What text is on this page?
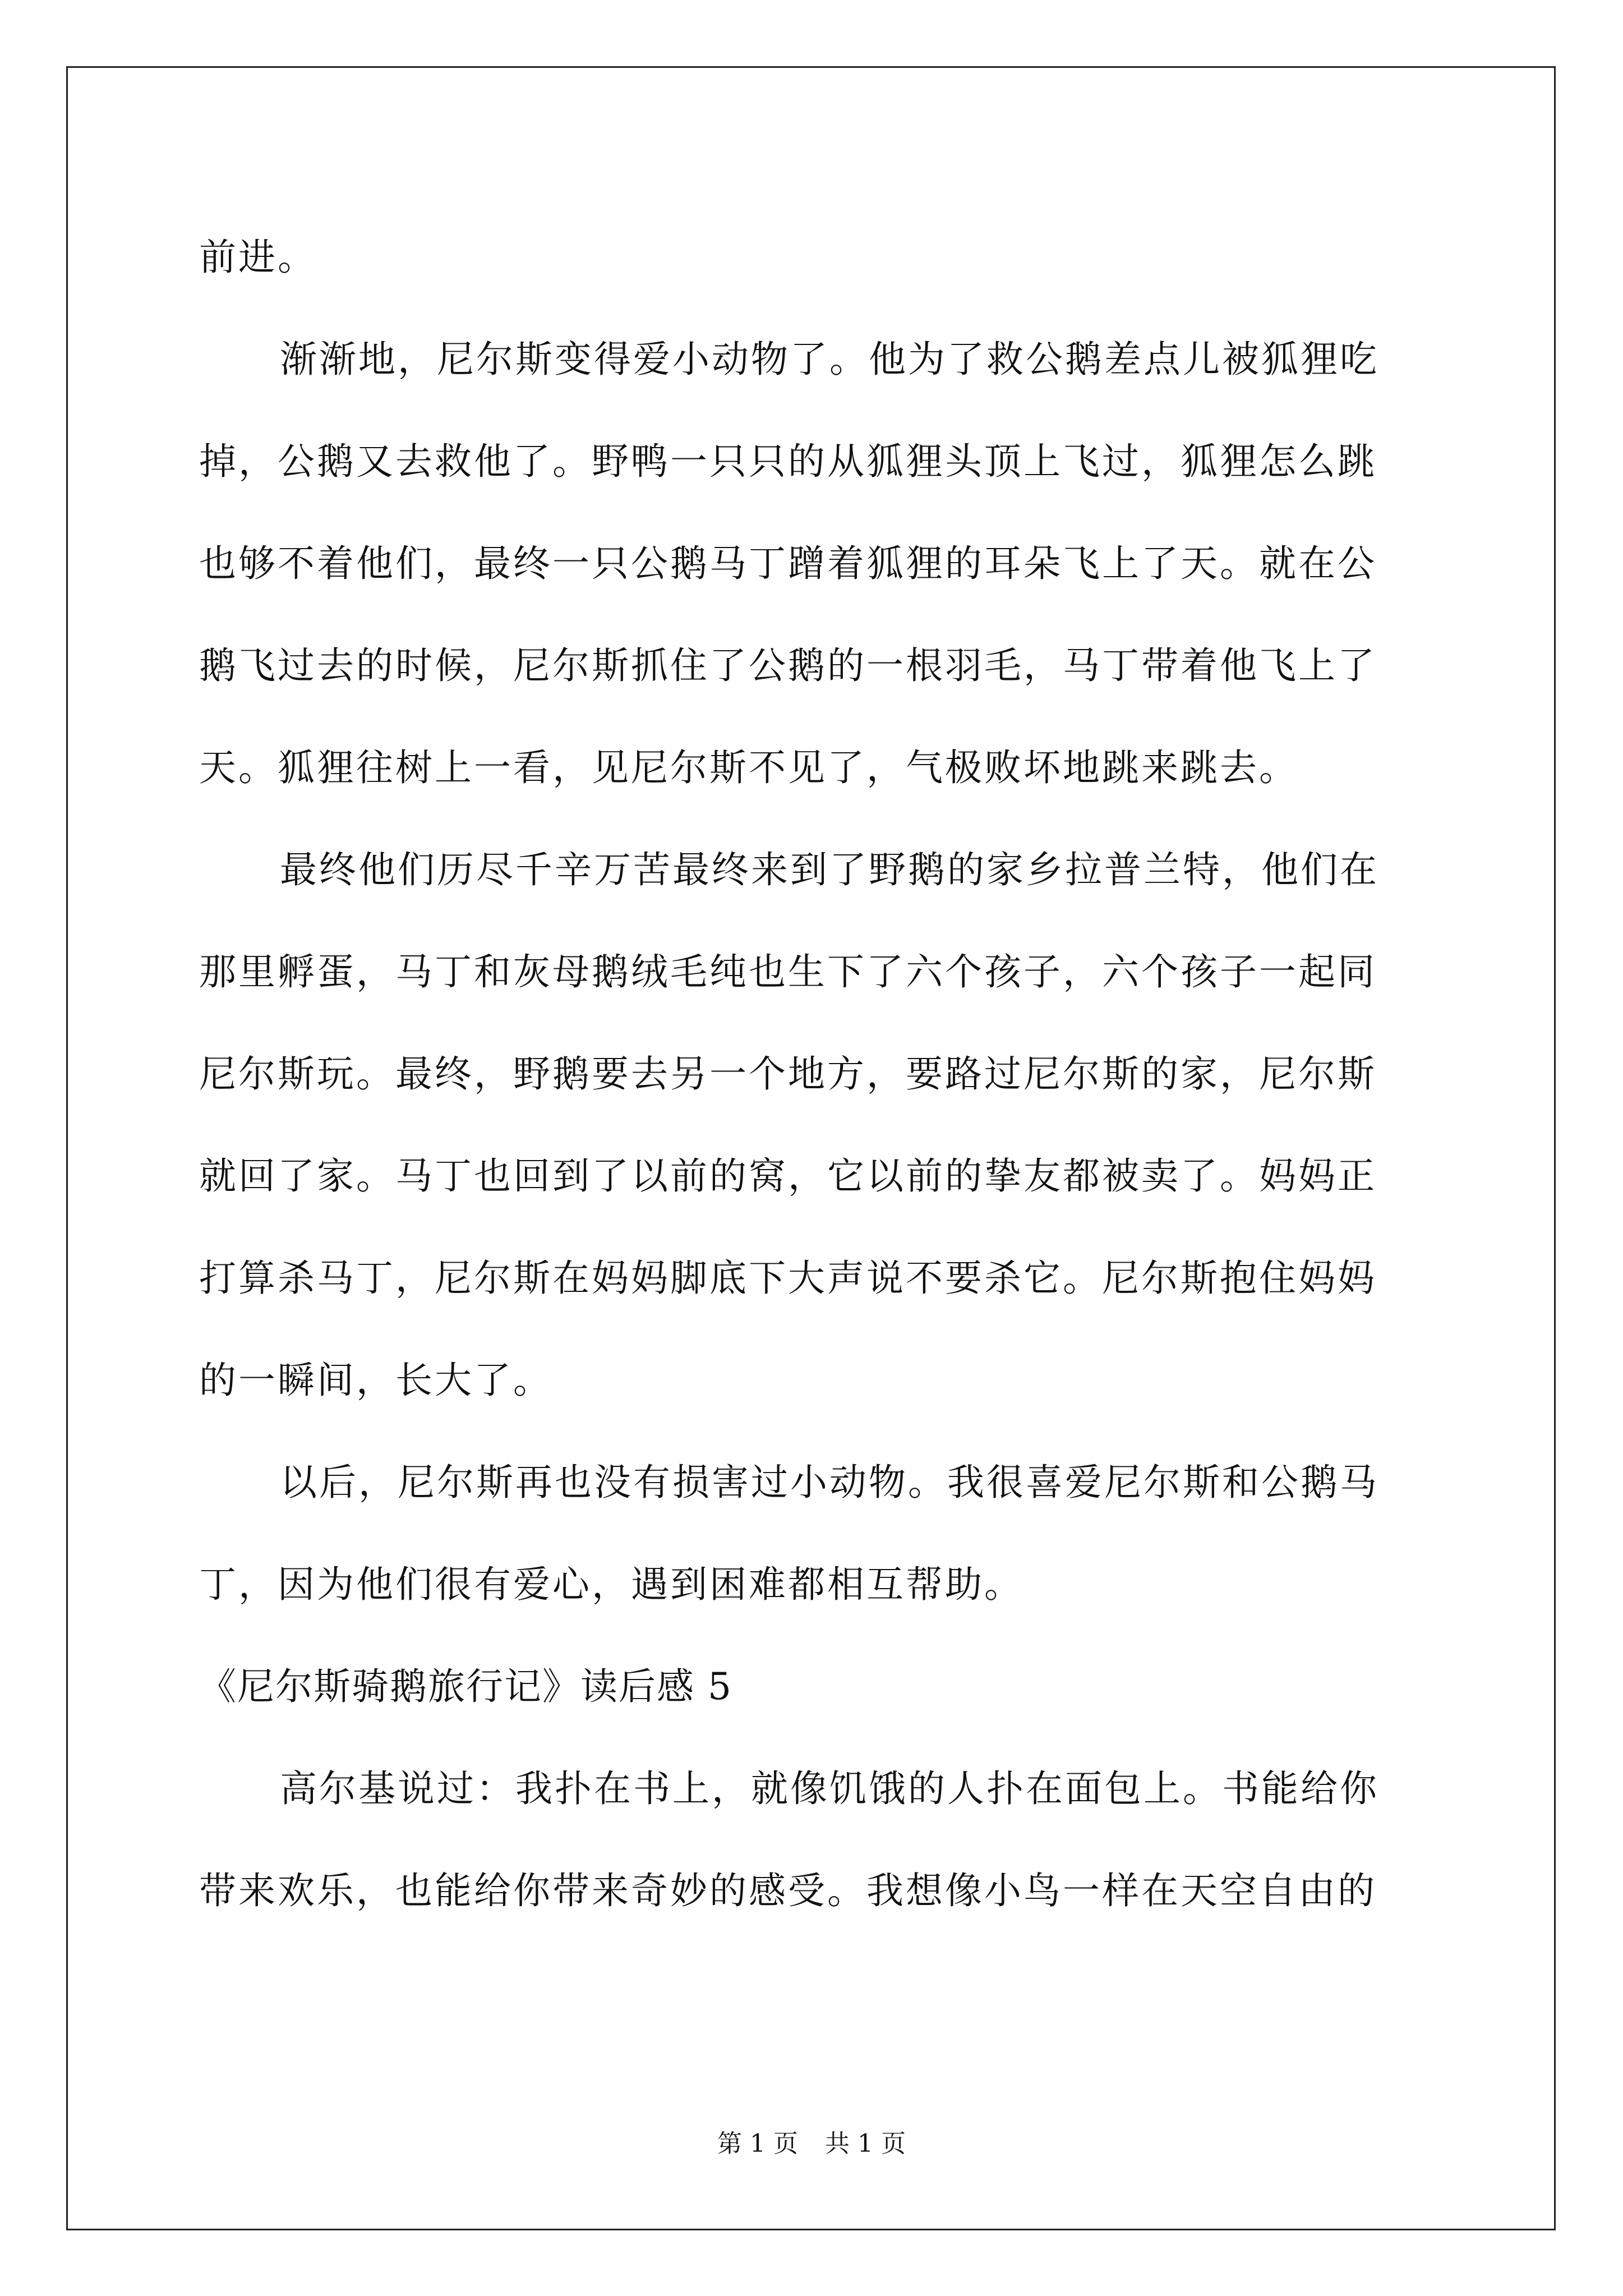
前进。
渐渐地，尼尔斯变得爱小动物了。他为了救公鹅差点儿被狐狸吃
掉，公鹅又去救他了。野鸭一只只的从狐狸头顶上飞过，狐狸怎么跳
也够不着他们，最终一只公鹅马丁蹭着狐狸的耳朵飞上了天。就在公
鹅飞过去的时候，尼尔斯抓住了公鹅的一根羽毛，马丁带着他飞上了
天。狐狸往树上一看，见尼尔斯不见了，气极败坏地跳来跳去。
最终他们历尽千辛万苦最终来到了野鹅的家乡拉普兰特，他们在
那里孵蛋，马丁和灰母鹅绒毛纯也生下了六个孩子，六个孩子一起同
尼尔斯玩。最终，野鹅要去另一个地方，要路过尼尔斯的家，尼尔斯
就回了家。马丁也回到了以前的窝，它以前的挚友都被卖了。妈妈正
打算杀马丁，尼尔斯在妈妈脚底下大声说不要杀它。尼尔斯抱住妈妈
的一瞬间，长大了。
以后，尼尔斯再也没有损害过小动物。我很喜爱尼尔斯和公鹅马
丁，因为他们很有爱心，遇到困难都相互帮助。
《尼尔斯骑鹅旅行记》读后感 5
高尔基说过：我扑在书上，就像饥饿的人扑在面包上。书能给你
带来欢乐，也能给你带来奇妙的感受。我想像小鸟一样在天空自由的
第 1 页 共 1 页
